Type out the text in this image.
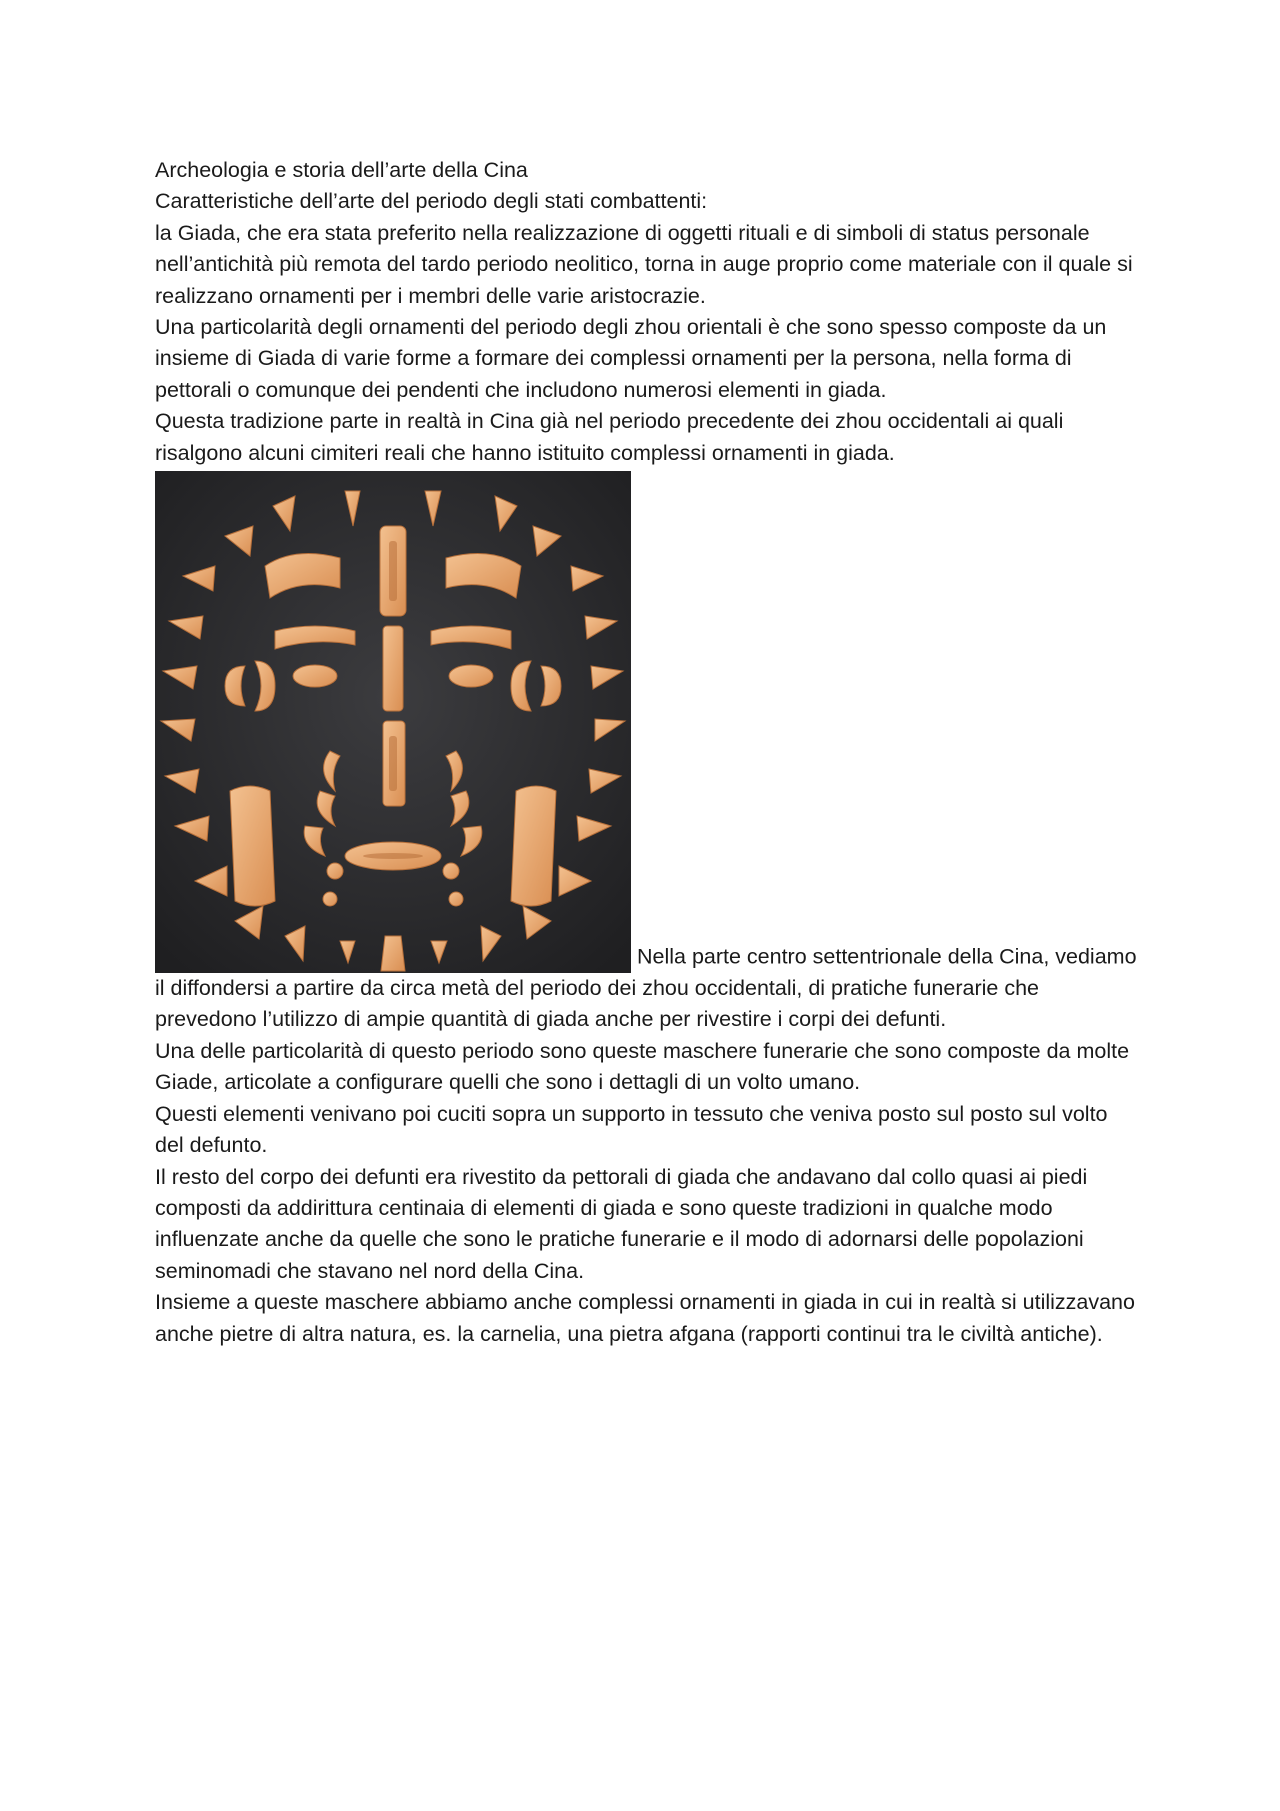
Archeologia e storia dell’arte della Cina

Caratteristiche dell’arte del periodo degli stati combattenti:

la Giada, che era stata preferito nella realizzazione di oggetti rituali e di simboli di status personale nell’antichità più remota del tardo periodo neolitico, torna in auge proprio come materiale con il quale si realizzano ornamenti per i membri delle varie aristocrazie.

Una particolarità degli ornamenti del periodo degli zhou orientali è che sono spesso composte da un insieme di Giada di varie forme a formare dei complessi ornamenti per la persona, nella forma di pettorali o comunque dei pendenti che includono numerosi elementi in giada.

Questa tradizione parte in realtà in Cina già nel periodo precedente dei zhou occidentali ai quali risalgono alcuni cimiteri reali che hanno istituito complessi ornamenti in giada.

Nella parte centro settentrionale della Cina, vediamo il diffondersi a partire da circa metà del periodo dei zhou occidentali, di pratiche funerarie che prevedono l’utilizzo di ampie quantità di giada anche per rivestire i corpi dei defunti.

Una delle particolarità di questo periodo sono queste maschere funerarie che sono composte da molte Giade, articolate a configurare quelli che sono i dettagli di un volto umano.

Questi elementi venivano poi cuciti sopra un supporto in tessuto che veniva posto sul posto sul volto del defunto.

Il resto del corpo dei defunti era rivestito da pettorali di giada che andavano dal collo quasi ai piedi composti da addirittura centinaia di elementi di giada e sono queste tradizioni in qualche modo influenzate anche da quelle che sono le pratiche funerarie e il modo di adornarsi delle popolazioni seminomadi che stavano nel nord della Cina.

Insieme a queste maschere abbiamo anche complessi ornamenti in giada in cui in realtà si utilizzavano anche pietre di altra natura, es. la carnelia, una pietra afgana (rapporti continui tra le civiltà antiche).
